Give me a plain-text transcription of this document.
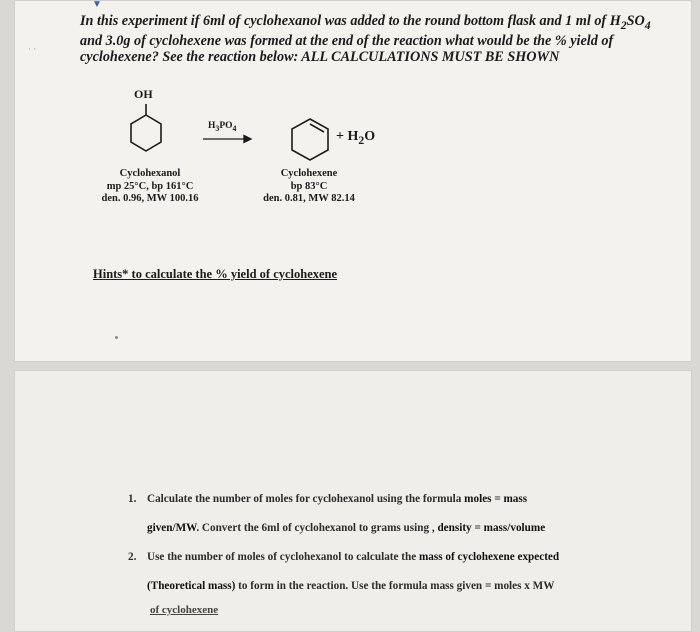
▼
· ·

In this experiment if 6ml of cyclohexanol was added to the round bottom flask and 1 ml of $H_2SO_4$ and 3.0g of cyclohexene was formed at the end of the reaction what would be the % yield of cyclohexene? See the reaction below: ALL CALCULATIONS MUST BE SHOWN

OH
$H_3PO_4$
+ $H_2O$
Cyclohexanol
mp 25°C, bp 161°C
den. 0.96, MW 100.16
Cyclohexene
bp 83°C
den. 0.81, MW 82.14

Hints* to calculate the % yield of cyclohexene

1. Calculate the number of moles for cyclohexanol using the formula moles = mass
given/MW. Convert the 6ml of cyclohexanol to grams using , density = mass/volume
2. Use the number of moles of cyclohexanol to calculate the mass of cyclohexene expected
(Theoretical mass) to form in the reaction. Use the formula mass given = moles x MW
of cyclohexene
